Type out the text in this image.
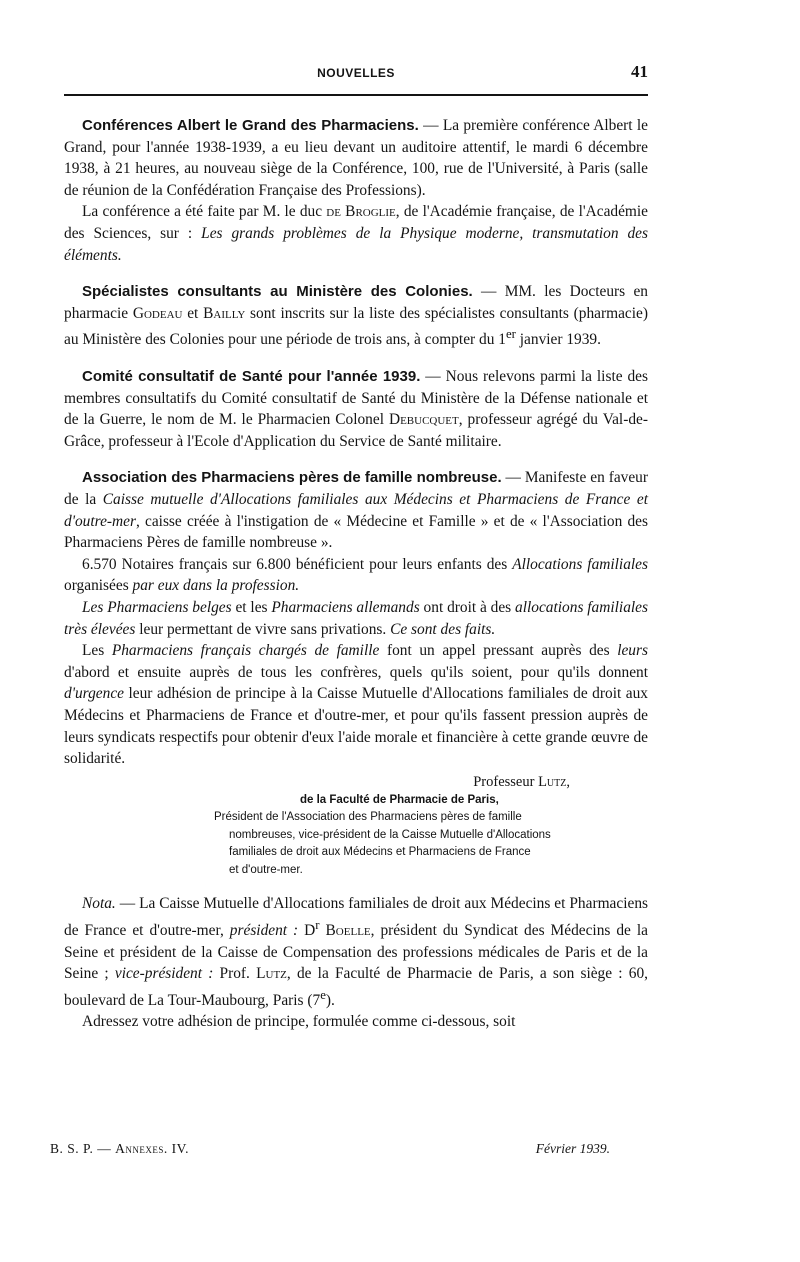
NOUVELLES	41

Conférences Albert le Grand des Pharmaciens. — La première conférence Albert le Grand, pour l'année 1938-1939, a eu lieu devant un auditoire attentif, le mardi 6 décembre 1938, à 21 heures, au nouveau siège de la Conférence, 100, rue de l'Université, à Paris (salle de réunion de la Confédération Française des Professions).

La conférence a été faite par M. le duc de Broglie, de l'Académie française, de l'Académie des Sciences, sur : Les grands problèmes de la Physique moderne, transmutation des éléments.

Spécialistes consultants au Ministère des Colonies. — MM. les Docteurs en pharmacie Godeau et Bailly sont inscrits sur la liste des spécialistes consultants (pharmacie) au Ministère des Colonies pour une période de trois ans, à compter du 1er janvier 1939.

Comité consultatif de Santé pour l'année 1939. — Nous relevons parmi la liste des membres consultatifs du Comité consultatif de Santé du Ministère de la Défense nationale et de la Guerre, le nom de M. le Pharmacien Colonel Debucquet, professeur agrégé du Val-de-Grâce, professeur à l'Ecole d'Application du Service de Santé militaire.

Association des Pharmaciens pères de famille nombreuse. — Manifeste en faveur de la Caisse mutuelle d'Allocations familiales aux Médecins et Pharmaciens de France et d'outre-mer, caisse créée à l'instigation de « Médecine et Famille » et de « l'Association des Pharmaciens Pères de famille nombreuse ».

6.570 Notaires français sur 6.800 bénéficient pour leurs enfants des Allocations familiales organisées par eux dans la profession.

Les Pharmaciens belges et les Pharmaciens allemands ont droit à des allocations familiales très élevées leur permettant de vivre sans privations. Ce sont des faits.

Les Pharmaciens français chargés de famille font un appel pressant auprès des leurs d'abord et ensuite auprès de tous les confrères, quels qu'ils soient, pour qu'ils donnent d'urgence leur adhésion de principe à la Caisse Mutuelle d'Allocations familiales de droit aux Médecins et Pharmaciens de France et d'outre-mer, et pour qu'ils fassent pression auprès de leurs syndicats respectifs pour obtenir d'eux l'aide morale et financière à cette grande œuvre de solidarité.

Professeur Lutz,
de la Faculté de Pharmacie de Paris,
Président de l'Association des Pharmaciens pères de famille
nombreuses, vice-président de la Caisse Mutuelle d'Allocations
familiales de droit aux Médecins et Pharmaciens de France
et d'outre-mer.

Nota. — La Caisse Mutuelle d'Allocations familiales de droit aux Médecins et Pharmaciens de France et d'outre-mer, président : $D^r$ Boelle, président du Syndicat des Médecins de la Seine et président de la Caisse de Compensation des professions médicales de Paris et de la Seine ; vice-président : Prof. Lutz, de la Faculté de Pharmacie de Paris, a son siège : 60, boulevard de La Tour-Maubourg, Paris (7e).

Adressez votre adhésion de principe, formulée comme ci-dessous, soit

B. S. P. — Annexes. IV.	Février 1939.
